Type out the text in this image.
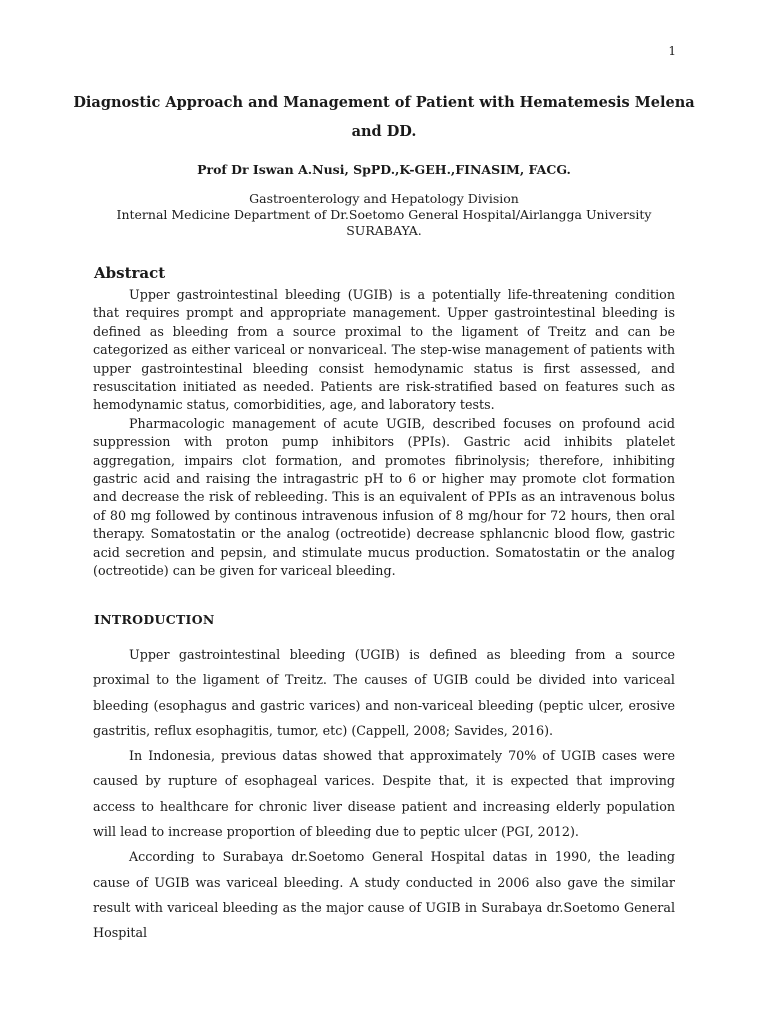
1
Diagnostic Approach and Management of Patient with Hematemesis Melena and DD.
Prof Dr Iswan A.Nusi, SpPD.,K-GEH.,FINASIM, FACG.
Gastroenterology and Hepatology Division
Internal Medicine Department of Dr.Soetomo General Hospital/Airlangga University
SURABAYA.
Abstract

Upper gastrointestinal bleeding (UGIB) is a potentially life-threatening condition that requires prompt and appropriate management. Upper gastrointestinal bleeding is defined as bleeding from a source proximal to the ligament of Treitz and can be categorized as either variceal or nonvariceal. The step-wise management of patients with upper gastrointestinal bleeding consist hemodynamic status is first assessed, and resuscitation initiated as needed. Patients are risk-stratified based on features such as hemodynamic status, comorbidities, age, and laboratory tests.

Pharmacologic management of acute UGIB, described focuses on profound acid suppression with proton pump inhibitors (PPIs). Gastric acid inhibits platelet aggregation, impairs clot formation, and promotes fibrinolysis; therefore, inhibiting gastric acid and raising the intragastric pH to 6 or higher may promote clot formation and decrease the risk of rebleeding. This is an equivalent of PPIs as an intravenous bolus of 80 mg followed by continous intravenous infusion of 8 mg/hour for 72 hours, then oral therapy. Somatostatin or the analog (octreotide) decrease sphlancnic blood flow, gastric acid secretion and pepsin, and stimulate mucus production. Somatostatin or the analog (octreotide) can be given for variceal bleeding.

INTRODUCTION

Upper gastrointestinal bleeding (UGIB) is defined as bleeding from a source proximal to the ligament of Treitz. The causes of UGIB could be divided into variceal bleeding (esophagus and gastric varices) and non-variceal bleeding (peptic ulcer, erosive gastritis, reflux esophagitis, tumor, etc) (Cappell, 2008; Savides, 2016).

In Indonesia, previous datas showed that approximately 70% of UGIB cases were caused by rupture of esophageal varices. Despite that, it is expected that improving access to healthcare for chronic liver disease patient and increasing elderly population will lead to increase proportion of bleeding due to peptic ulcer (PGI, 2012).

According to Surabaya dr.Soetomo General Hospital datas in 1990, the leading cause of UGIB was variceal bleeding. A study conducted in 2006 also gave the similar result with variceal bleeding as the major cause of UGIB in Surabaya dr.Soetomo General Hospital
